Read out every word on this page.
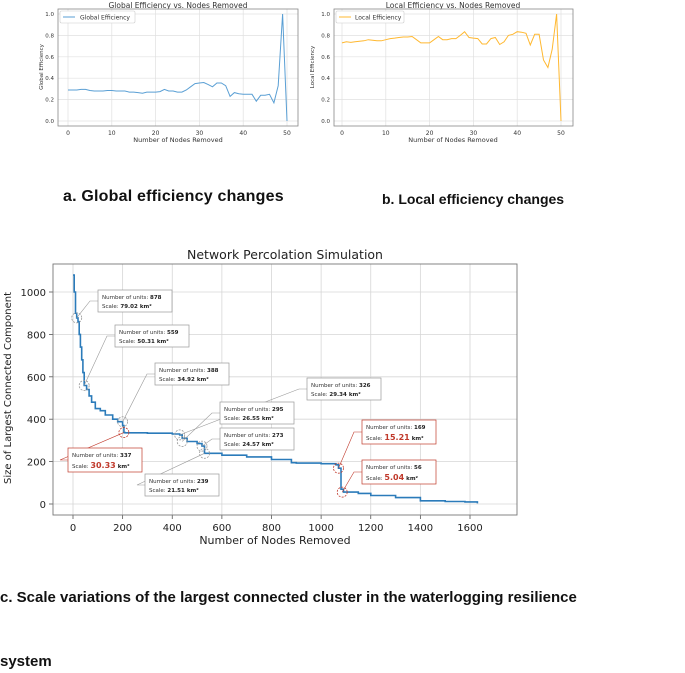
Global Efficiency vs. Nodes Removed
0	10	20	30	40	50
0.0
0.2
0.4
0.6
0.8
1.0
Number of Nodes Removed
Global Efficiency
Global Efficiency
Local Efficiency vs. Nodes Removed
0	10	20	30	40	50
0.0
0.2
0.4
0.6
0.8
1.0
Number of Nodes Removed
Local Efficiency
Local Efficiency
a. Global efficiency changes	b. Local efficiency changes
Network Percolation Simulation
Number of units: 878
Scale: 79.02 km²
Number of units: 559
Scale: 50.31 km²
Number of units: 388
Scale: 34.92 km²
Number of units: 337
Scale: 30.33 km²
Number of units: 326
Scale: 29.34 km²
Number of units: 295
Scale: 26.55 km²
Number of units: 273
Scale: 24.57 km²
Number of units: 239
Scale: 21.51 km²
Number of units: 169
Scale: 15.21 km²
Number of units: 56
Scale: 5.04 km²
0	200	400	600	800	1000 1200 1400 1600
0
200
400
600
800
1000
Number of Nodes Removed
Size of Largest Connected Component
c. Scale variations of the largest connected cluster in the waterlogging resilience
system
